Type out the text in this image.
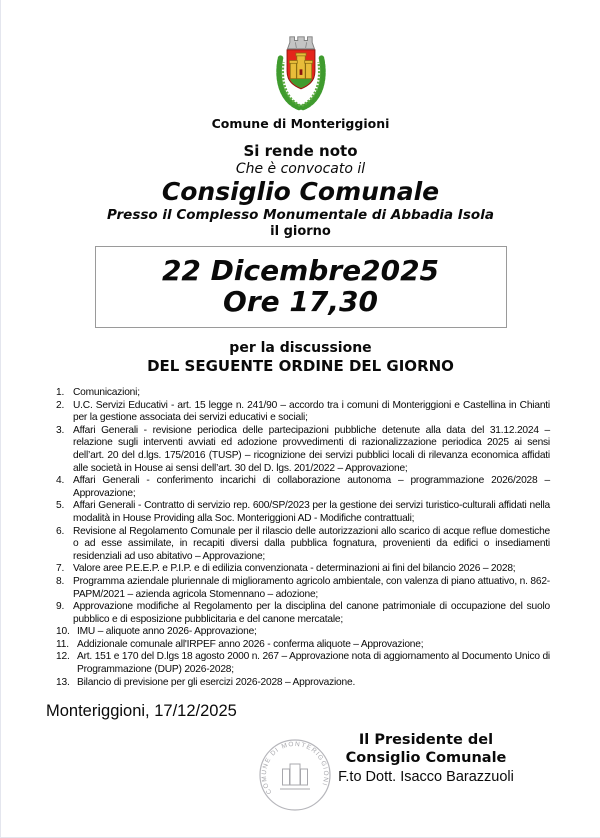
Comune di Monteriggioni
Si rende noto
Che è convocato il
Consiglio Comunale
Presso il Complesso Monumentale di Abbadia Isola
il giorno
22 Dicembre2025
Ore 17,30
per la discussione
DEL SEGUENTE ORDINE DEL GIORNO
Comunicazioni;
U.C. Servizi Educativi - art. 15 legge n. 241/90 – accordo tra i comuni di Monteriggioni e Castellina in Chianti per la gestione associata dei servizi educativi e sociali;
Affari Generali - revisione periodica delle partecipazioni pubbliche detenute alla data del 31.12.2024 – relazione sugli interventi avviati ed adozione provvedimenti di razionalizzazione periodica 2025 ai sensi dell’art. 20 del d.lgs. 175/2016 (TUSP) – ricognizione dei servizi pubblici locali di rilevanza economica affidati alle società in House ai sensi dell’art. 30 del D. lgs. 201/2022 – Approvazione;
Affari Generali - conferimento incarichi di collaborazione autonoma – programmazione 2026/2028 – Approvazione;
Affari Generali - Contratto di servizio rep. 600/SP/2023 per la gestione dei servizi turistico-culturali affidati nella modalità in House Providing alla Soc. Monteriggioni AD - Modifiche contrattuali;
Revisione al Regolamento Comunale per il rilascio delle autorizzazioni allo scarico di acque reflue domestiche o ad esse assimilate, in recapiti diversi dalla pubblica fognatura, provenienti da edifici o insediamenti residenziali ad uso abitativo – Approvazione;
Valore aree P.E.E.P. e P.I.P. e di edilizia convenzionata - determinazioni ai fini del bilancio 2026 – 2028;
Programma aziendale pluriennale di miglioramento agricolo ambientale, con valenza di piano attuativo, n. 862-PAPM/2021 – azienda agricola Stomennano – adozione;
Approvazione modifiche al Regolamento per la disciplina del canone patrimoniale di occupazione del suolo pubblico e di esposizione pubblicitaria e del canone mercatale;
IMU – aliquote anno 2026- Approvazione;
Addizionale comunale all'IRPEF anno 2026 - conferma aliquote – Approvazione;
Art. 151 e 170 del D.lgs 18 agosto 2000 n. 267 – Approvazione nota di aggiornamento al Documento Unico di Programmazione (DUP) 2026-2028;
Bilancio di previsione per gli esercizi 2026-2028 – Approvazione.
Monteriggioni, 17/12/2025
COMUNE DI MONTERIGGIONI
Il Presidente del
Consiglio Comunale
F.to Dott. Isacco Barazzuoli
